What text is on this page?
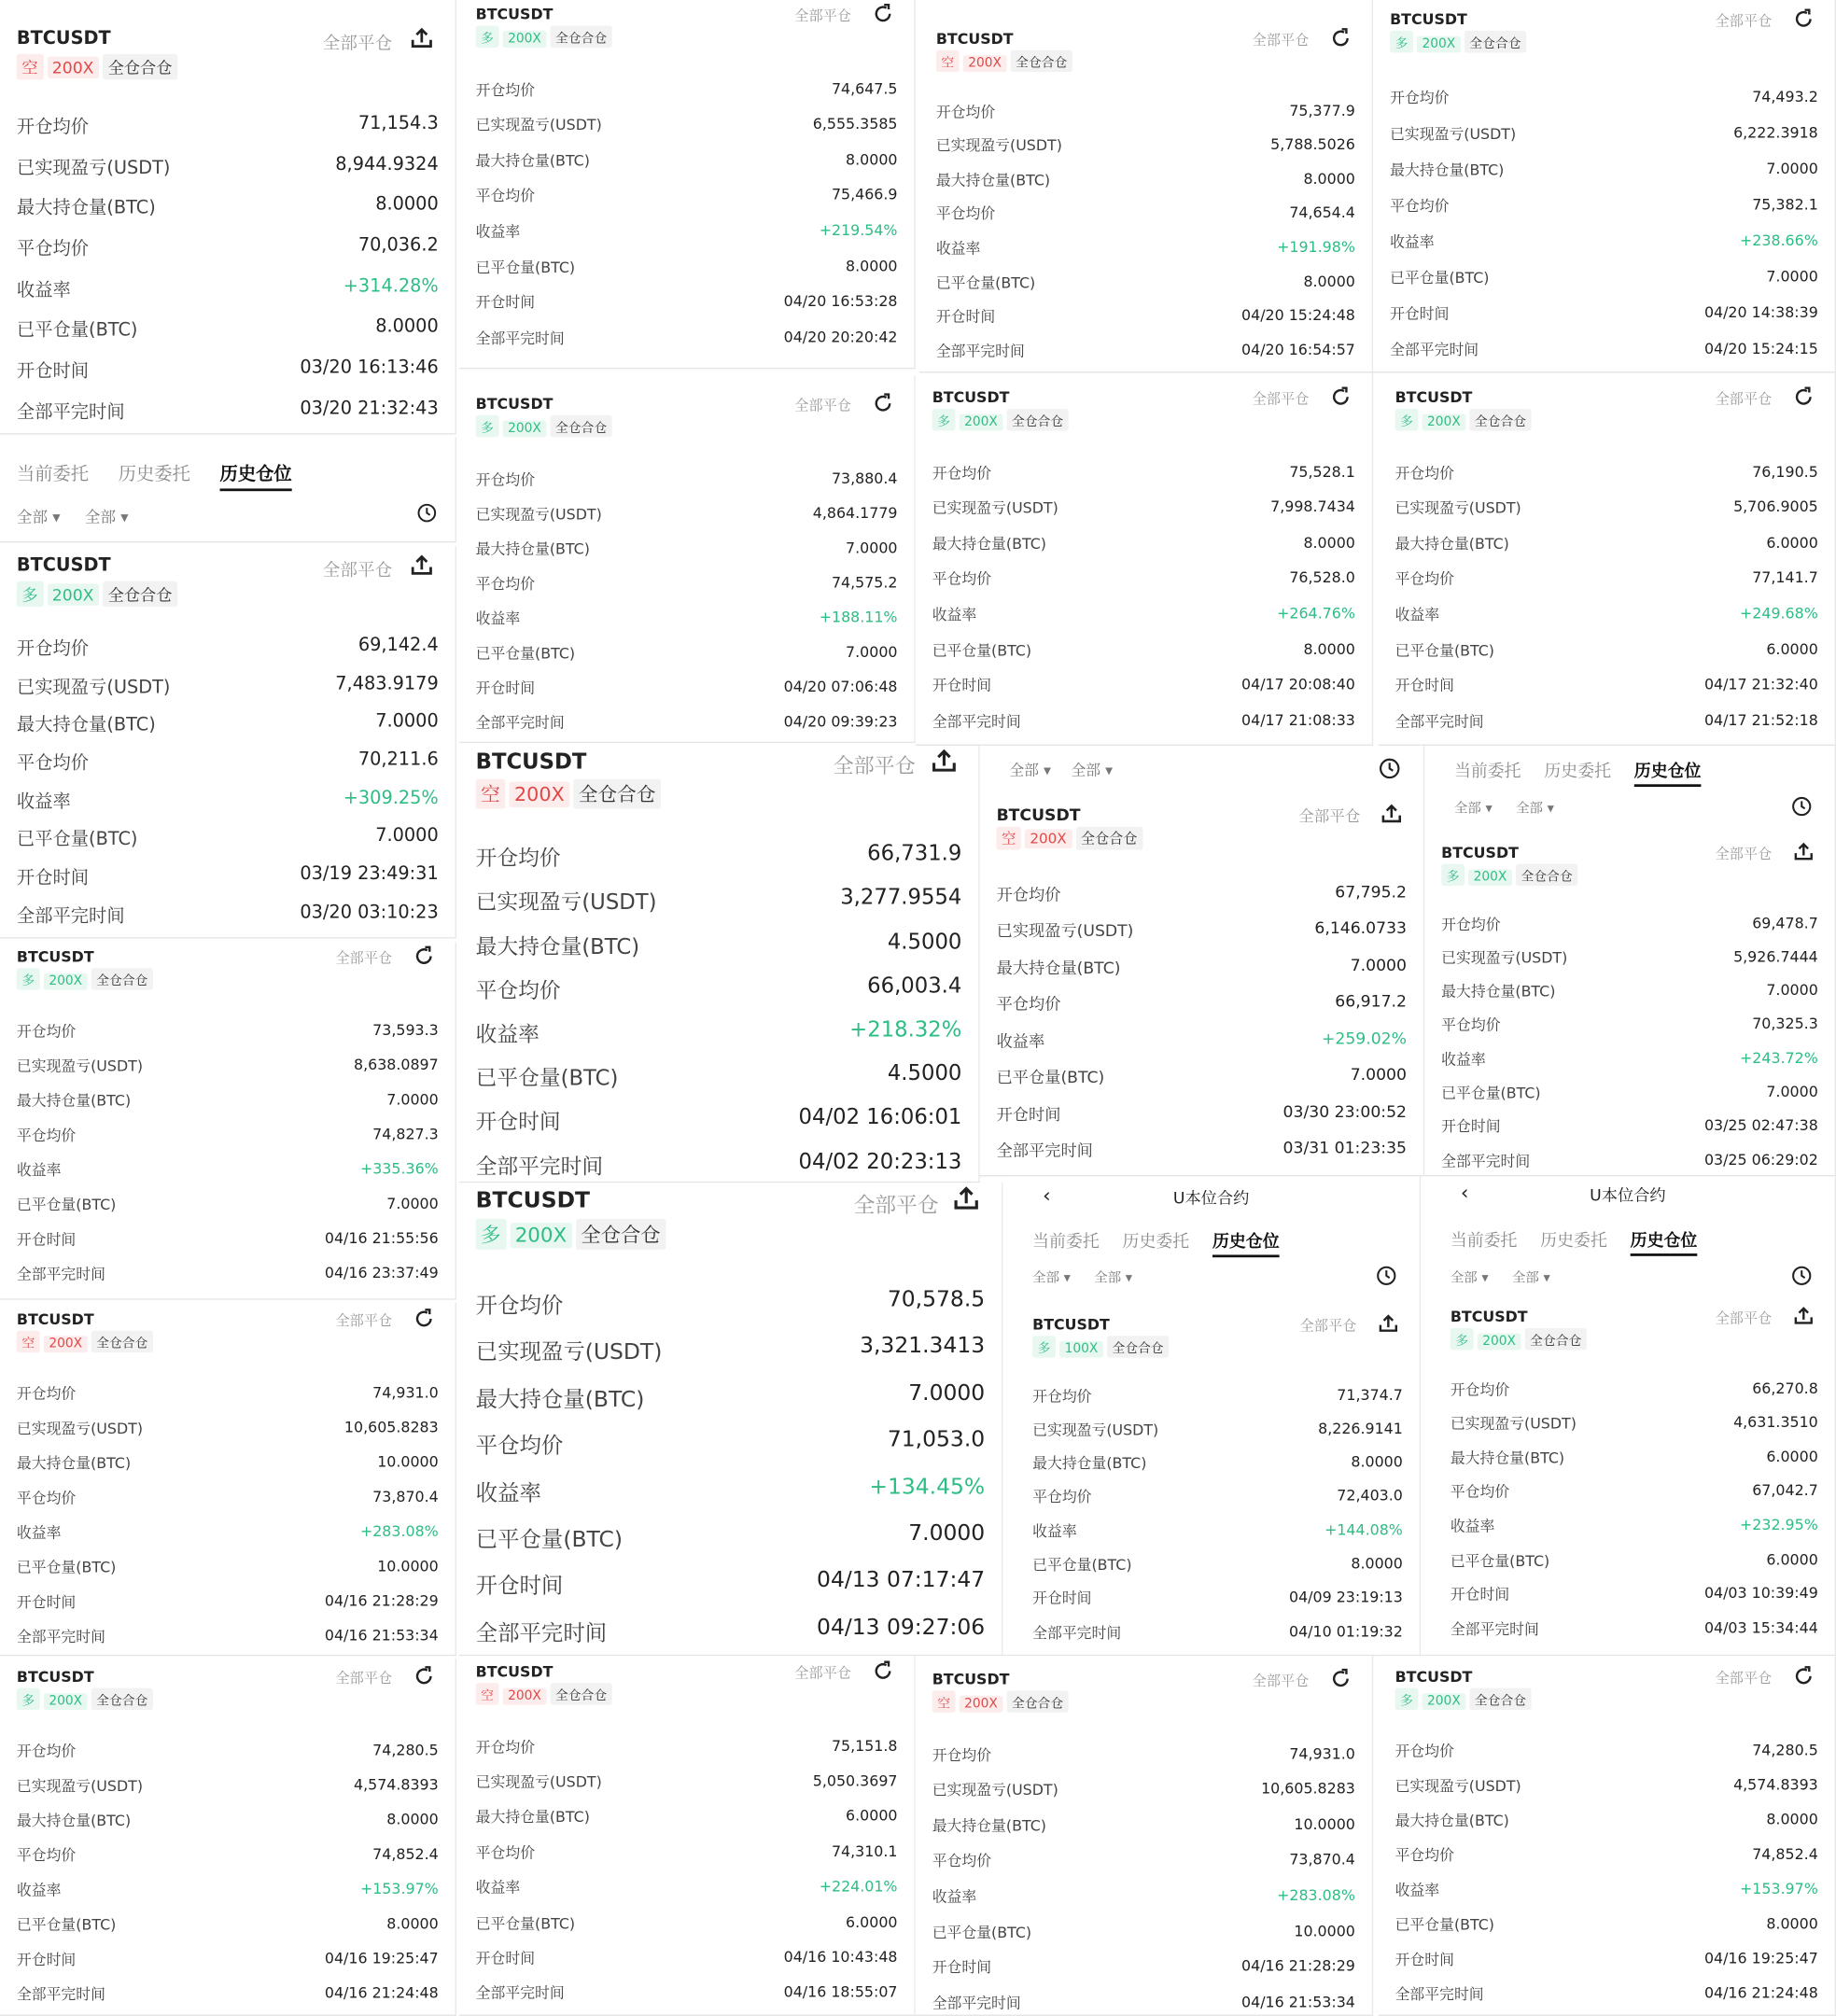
当前委托 历史委托 历史仓位
全部 ▾ 全部 ▾
BTCUSDT	全部平仓
空 200X 全仓合仓
开仓均价	71,154.3
已实现盈亏(USDT)	8,944.9324
最大持仓量(BTC)	8.0000
平仓均价	70,036.2
收益率	+314.28%
已平仓量(BTC)	8.0000
开仓时间	03/20 16:13:46
全部平完时间	03/20 21:32:43
BTCUSDT	全部平仓
多 200X 全仓合仓
开仓均价	69,142.4
已实现盈亏(USDT)	7,483.9179
最大持仓量(BTC)	7.0000
平仓均价	70,211.6
收益率	+309.25%
已平仓量(BTC)	7.0000
开仓时间	03/19 23:49:31
全部平完时间	03/20 03:10:23
BTCUSDT	全部平仓
多 200X 全仓合仓
开仓均价	73,593.3
已实现盈亏(USDT)	8,638.0897
最大持仓量(BTC)	7.0000
平仓均价	74,827.3
收益率	+335.36%
已平仓量(BTC)	7.0000
开仓时间	04/16 21:55:56
全部平完时间	04/16 23:37:49
BTCUSDT	全部平仓
空 200X 全仓合仓
开仓均价	74,931.0
已实现盈亏(USDT)	10,605.8283
最大持仓量(BTC)	10.0000
平仓均价	73,870.4
收益率	+283.08%
已平仓量(BTC)	10.0000
开仓时间	04/16 21:28:29
全部平完时间	04/16 21:53:34
BTCUSDT	全部平仓
多 200X 全仓合仓
开仓均价	74,280.5
已实现盈亏(USDT)	4,574.8393
最大持仓量(BTC)	8.0000
平仓均价	74,852.4
收益率	+153.97%
已平仓量(BTC)	8.0000
开仓时间	04/16 19:25:47
全部平完时间	04/16 21:24:48
BTCUSDT	全部平仓
多 200X 全仓合仓
开仓均价	74,647.5
已实现盈亏(USDT)	6,555.3585
最大持仓量(BTC)	8.0000
平仓均价	75,466.9
收益率	+219.54%
已平仓量(BTC)	8.0000
开仓时间	04/20 16:53:28
全部平完时间	04/20 20:20:42
BTCUSDT	全部平仓
多 200X 全仓合仓
开仓均价	73,880.4
已实现盈亏(USDT)	4,864.1779
最大持仓量(BTC)	7.0000
平仓均价	74,575.2
收益率	+188.11%
已平仓量(BTC)	7.0000
开仓时间	04/20 07:06:48
全部平完时间	04/20 09:39:23
BTCUSDT	全部平仓
空 200X 全仓合仓
开仓均价	66,731.9
已实现盈亏(USDT)	3,277.9554
最大持仓量(BTC)	4.5000
平仓均价	66,003.4
收益率	+218.32%
已平仓量(BTC)	4.5000
开仓时间	04/02 16:06:01
全部平完时间	04/02 20:23:13
BTCUSDT	全部平仓
多 200X 全仓合仓
开仓均价	70,578.5
已实现盈亏(USDT)	3,321.3413
最大持仓量(BTC)	7.0000
平仓均价	71,053.0
收益率	+134.45%
已平仓量(BTC)	7.0000
开仓时间	04/13 07:17:47
全部平完时间	04/13 09:27:06
BTCUSDT	全部平仓
空 200X 全仓合仓
开仓均价	75,151.8
已实现盈亏(USDT)	5,050.3697
最大持仓量(BTC)	6.0000
平仓均价	74,310.1
收益率	+224.01%
已平仓量(BTC)	6.0000
开仓时间	04/16 10:43:48
全部平完时间	04/16 18:55:07
BTCUSDT	全部平仓
空 200X 全仓合仓
开仓均价	75,377.9
已实现盈亏(USDT)	5,788.5026
最大持仓量(BTC)	8.0000
平仓均价	74,654.4
收益率	+191.98%
已平仓量(BTC)	8.0000
开仓时间	04/20 15:24:48
全部平完时间	04/20 16:54:57
BTCUSDT	全部平仓
多 200X 全仓合仓
开仓均价	75,528.1
已实现盈亏(USDT)	7,998.7434
最大持仓量(BTC)	8.0000
平仓均价	76,528.0
收益率	+264.76%
已平仓量(BTC)	8.0000
开仓时间	04/17 20:08:40
全部平完时间	04/17 21:08:33
全部 ▾ 全部 ▾
BTCUSDT	全部平仓
空 200X 全仓合仓
开仓均价	67,795.2
已实现盈亏(USDT)	6,146.0733
最大持仓量(BTC)	7.0000
平仓均价	66,917.2
收益率	+259.02%
已平仓量(BTC)	7.0000
开仓时间	03/30 23:00:52
全部平完时间	03/31 01:23:35
‹	U本位合约
当前委托 历史委托 历史仓位
全部 ▾ 全部 ▾
BTCUSDT	全部平仓
多 100X 全仓合仓
开仓均价	71,374.7
已实现盈亏(USDT)	8,226.9141
最大持仓量(BTC)	8.0000
平仓均价	72,403.0
收益率	+144.08%
已平仓量(BTC)	8.0000
开仓时间	04/09 23:19:13
全部平完时间	04/10 01:19:32
BTCUSDT	全部平仓
空 200X 全仓合仓
开仓均价	74,931.0
已实现盈亏(USDT)	10,605.8283
最大持仓量(BTC)	10.0000
平仓均价	73,870.4
收益率	+283.08%
已平仓量(BTC)	10.0000
开仓时间	04/16 21:28:29
全部平完时间	04/16 21:53:34
BTCUSDT	全部平仓
多 200X 全仓合仓
开仓均价	74,493.2
已实现盈亏(USDT)	6,222.3918
最大持仓量(BTC)	7.0000
平仓均价	75,382.1
收益率	+238.66%
已平仓量(BTC)	7.0000
开仓时间	04/20 14:38:39
全部平完时间	04/20 15:24:15
BTCUSDT	全部平仓
多 200X 全仓合仓
开仓均价	76,190.5
已实现盈亏(USDT)	5,706.9005
最大持仓量(BTC)	6.0000
平仓均价	77,141.7
收益率	+249.68%
已平仓量(BTC)	6.0000
开仓时间	04/17 21:32:40
全部平完时间	04/17 21:52:18
当前委托 历史委托 历史仓位
全部 ▾ 全部 ▾
BTCUSDT	全部平仓
多 200X 全仓合仓
开仓均价	69,478.7
已实现盈亏(USDT)	5,926.7444
最大持仓量(BTC)	7.0000
平仓均价	70,325.3
收益率	+243.72%
已平仓量(BTC)	7.0000
开仓时间	03/25 02:47:38
全部平完时间	03/25 06:29:02
‹	U本位合约
当前委托 历史委托 历史仓位
全部 ▾ 全部 ▾
BTCUSDT	全部平仓
多 200X 全仓合仓
开仓均价	66,270.8
已实现盈亏(USDT)	4,631.3510
最大持仓量(BTC)	6.0000
平仓均价	67,042.7
收益率	+232.95%
已平仓量(BTC)	6.0000
开仓时间	04/03 10:39:49
全部平完时间	04/03 15:34:44
BTCUSDT	全部平仓
多 200X 全仓合仓
开仓均价	74,280.5
已实现盈亏(USDT)	4,574.8393
最大持仓量(BTC)	8.0000
平仓均价	74,852.4
收益率	+153.97%
已平仓量(BTC)	8.0000
开仓时间	04/16 19:25:47
全部平完时间	04/16 21:24:48
